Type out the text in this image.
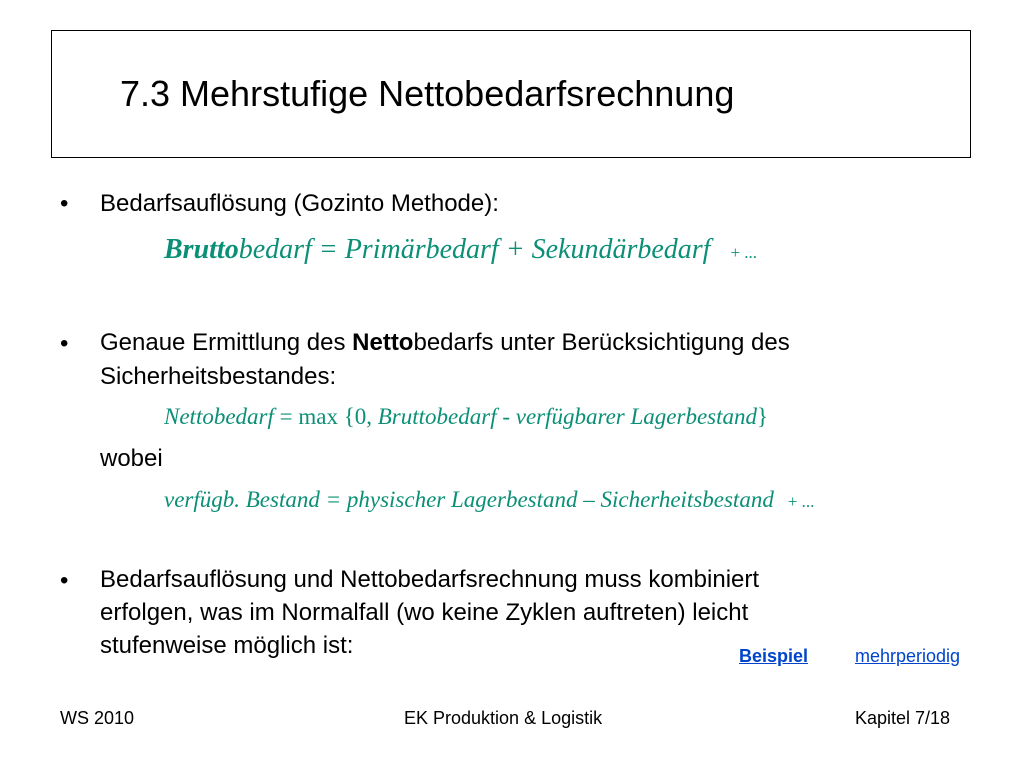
7.3 Mehrstufige Nettobedarfsrechnung
• Bedarfsauflösung (Gozinto Methode):
Bruttobedarf = Primärbedarf + Sekundärbedarf + ...
• Genaue Ermittlung des Nettobedarfs unter Berücksichtigung des
Sicherheitsbestandes:
Nettobedarf = max {0, Bruttobedarf - verfügbarer Lagerbestand}
wobei
verfügb. Bestand = physischer Lagerbestand – Sicherheitsbestand + ...
• Bedarfsauflösung und Nettobedarfsrechnung muss kombiniert
erfolgen, was im Normalfall (wo keine Zyklen auftreten) leicht
stufenweise möglich ist:	Beispiel	mehrperiodig
WS 2010	EK Produktion & Logistik	Kapitel 7/18
